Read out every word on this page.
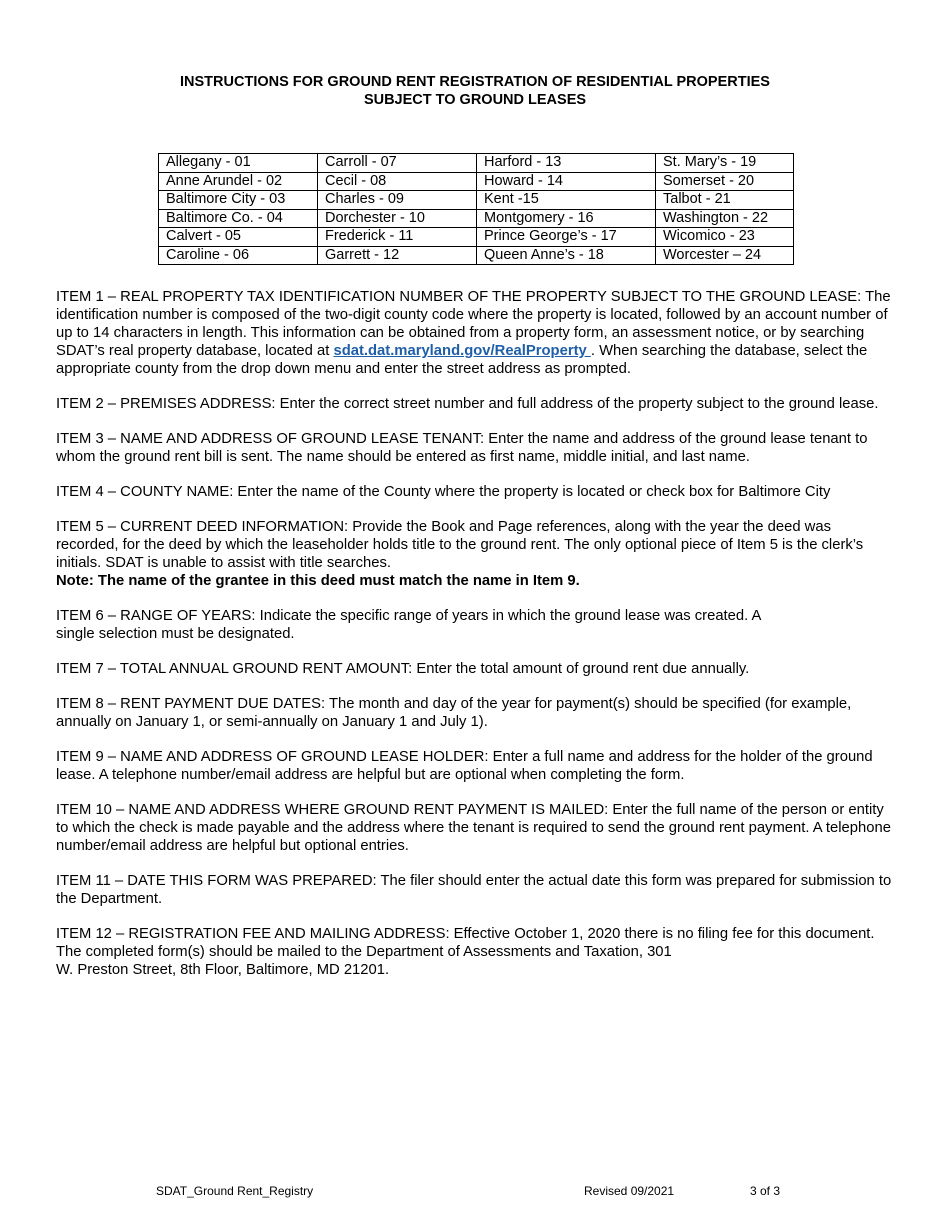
INSTRUCTIONS FOR GROUND RENT REGISTRATION OF RESIDENTIAL PROPERTIES
SUBJECT TO GROUND LEASES
Allegany - 01	Carroll - 07	Harford - 13	St. Mary’s - 19
Anne Arundel - 02	Cecil - 08	Howard - 14	Somerset - 20
Baltimore City - 03	Charles - 09	Kent -15	Talbot - 21
Baltimore Co. - 04	Dorchester - 10	Montgomery - 16	Washington - 22
Calvert - 05	Frederick - 11	Prince George’s - 17	Wicomico - 23
Caroline - 06	Garrett - 12	Queen Anne’s - 18	Worcester – 24

ITEM 1 – REAL PROPERTY TAX IDENTIFICATION NUMBER OF THE PROPERTY SUBJECT TO THE GROUND LEASE: The identification number is composed of the two-digit county code where the property is located, followed by an account number of up to 14 characters in length. This information can be obtained from a property form, an assessment notice, or by searching SDAT’s real property database, located at sdat.dat.maryland.gov/RealProperty . When searching the database, select the appropriate county from the drop down menu and enter the street address as prompted.

ITEM 2 – PREMISES ADDRESS: Enter the correct street number and full address of the property subject to the ground lease.

ITEM 3 – NAME AND ADDRESS OF GROUND LEASE TENANT: Enter the name and address of the ground lease tenant to whom the ground rent bill is sent. The name should be entered as first name, middle initial, and last name.

ITEM 4 – COUNTY NAME: Enter the name of the County where the property is located or check box for Baltimore City

ITEM 5 – CURRENT DEED INFORMATION: Provide the Book and Page references, along with the year the deed was recorded, for the deed by which the leaseholder holds title to the ground rent. The only optional piece of Item 5 is the clerk’s initials. SDAT is unable to assist with title searches.

Note: The name of the grantee in this deed must match the name in Item 9.

ITEM 6 – RANGE OF YEARS: Indicate the specific range of years in which the ground lease was created. A
single selection must be designated.

ITEM 7 – TOTAL ANNUAL GROUND RENT AMOUNT: Enter the total amount of ground rent due annually.

ITEM 8 – RENT PAYMENT DUE DATES: The month and day of the year for payment(s) should be specified (for example, annually on January 1, or semi-annually on January 1 and July 1).

ITEM 9 – NAME AND ADDRESS OF GROUND LEASE HOLDER: Enter a full name and address for the holder of the ground lease. A telephone number/email address are helpful but are optional when completing the form.

ITEM 10 – NAME AND ADDRESS WHERE GROUND RENT PAYMENT IS MAILED: Enter the full name of the person or entity to which the check is made payable and the address where the tenant is required to send the ground rent payment. A telephone number/email address are helpful but optional entries.

ITEM 11 – DATE THIS FORM WAS PREPARED: The filer should enter the actual date this form was prepared for submission to the Department.

ITEM 12 – REGISTRATION FEE AND MAILING ADDRESS: Effective October 1, 2020 there is no filing fee for this document. The completed form(s) should be mailed to the Department of Assessments and Taxation, 301
W. Preston Street, 8th Floor, Baltimore, MD 21201.

SDAT_Ground Rent_Registry	Revised 09/2021	3 of 3
